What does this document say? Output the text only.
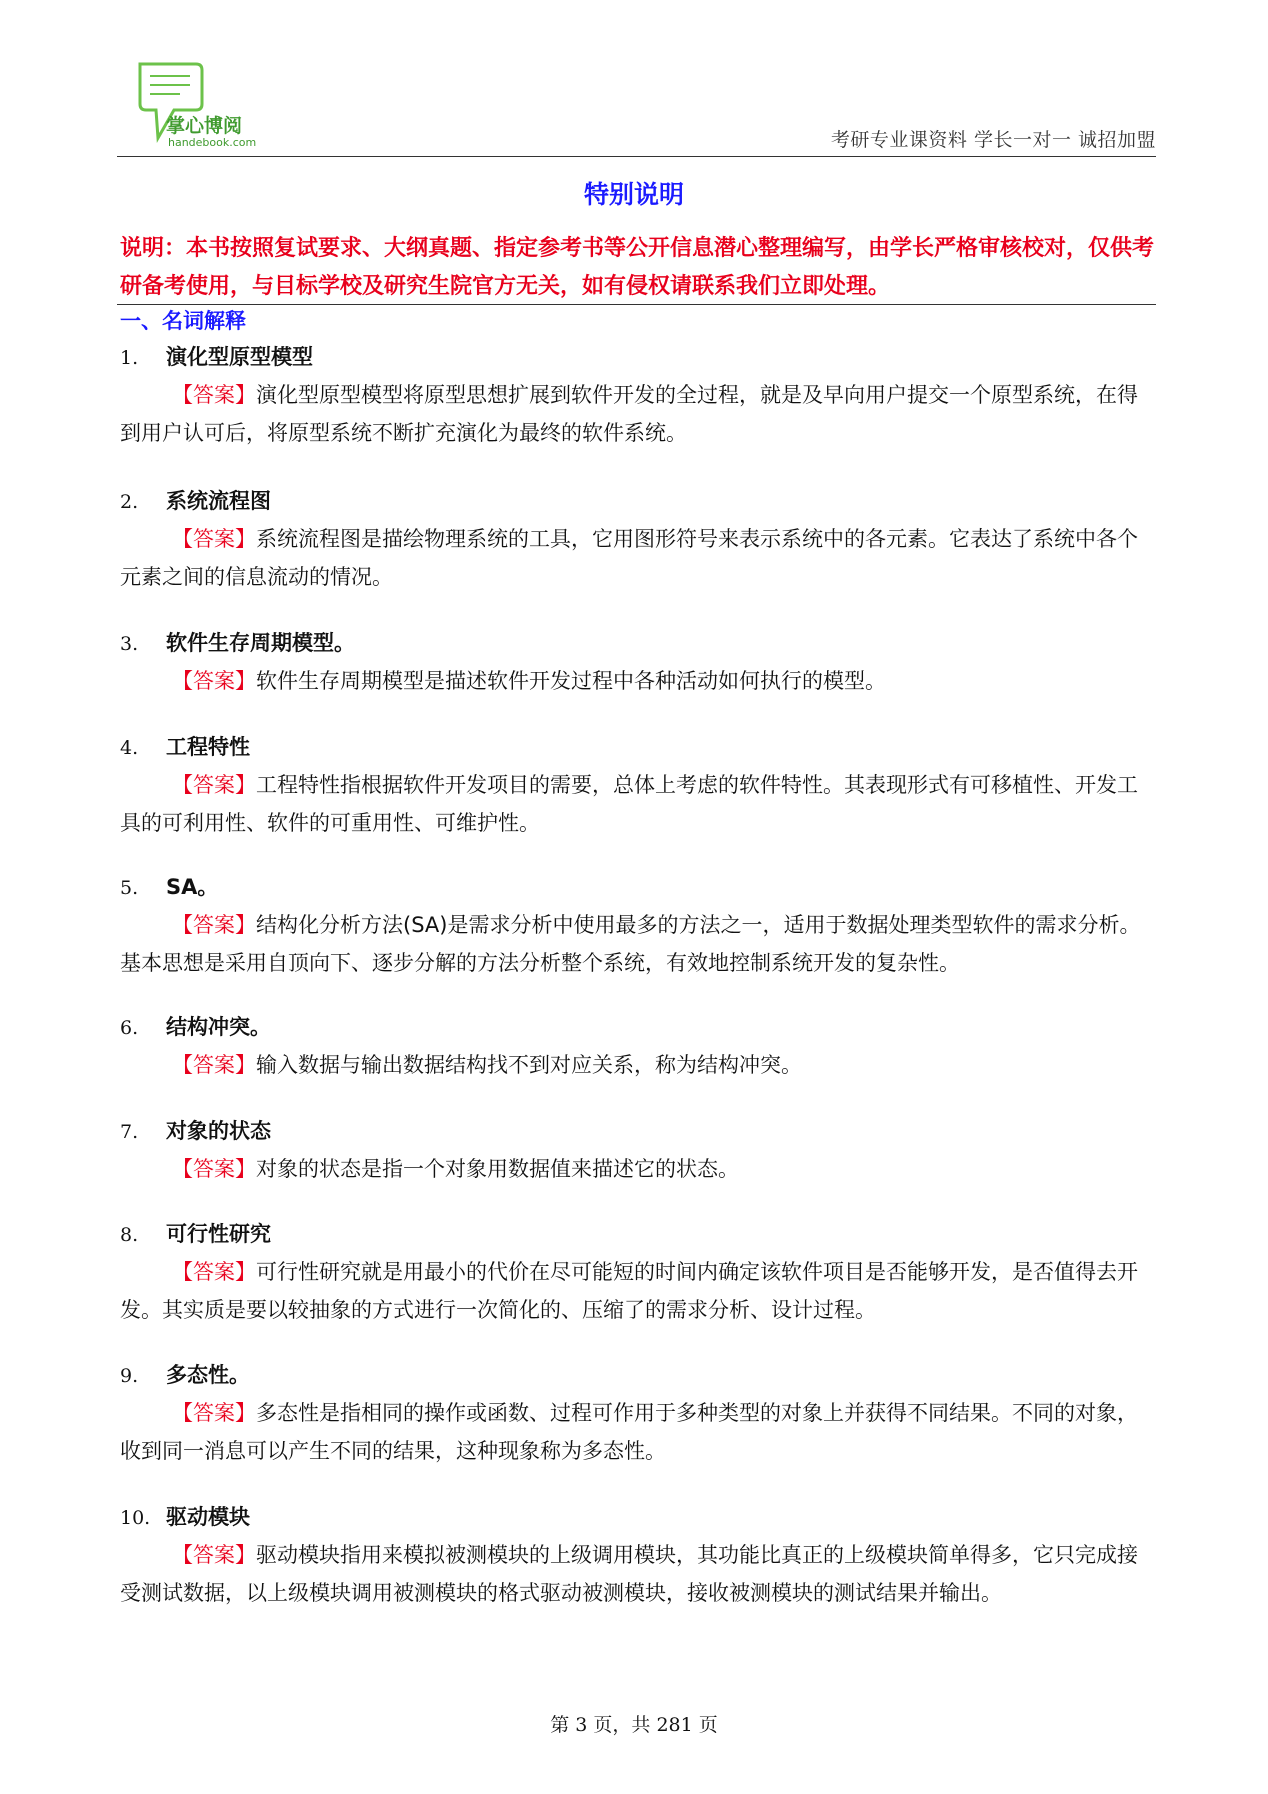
掌心博阅
handebook.com	考研专业课资料 学长一对一 诚招加盟
特别说明
说明：本书按照复试要求、大纲真题、指定参考书等公开信息潜心整理编写，由学长严格审核校对，仅供考研备考使用，与目标学校及研究生院官方无关，如有侵权请联系我们立即处理。
一、名词解释
1. 演化型原型模型
【答案】演化型原型模型将原型思想扩展到软件开发的全过程，就是及早向用户提交一个原型系统，在得到用户认可后，将原型系统不断扩充演化为最终的软件系统。
2. 系统流程图
【答案】系统流程图是描绘物理系统的工具，它用图形符号来表示系统中的各元素。它表达了系统中各个元素之间的信息流动的情况。
3. 软件生存周期模型。
【答案】软件生存周期模型是描述软件开发过程中各种活动如何执行的模型。
4. 工程特性
【答案】工程特性指根据软件开发项目的需要，总体上考虑的软件特性。其表现形式有可移植性、开发工具的可利用性、软件的可重用性、可维护性。
5. SA。
【答案】结构化分析方法(SA)是需求分析中使用最多的方法之一，适用于数据处理类型软件的需求分析。基本思想是采用自顶向下、逐步分解的方法分析整个系统，有效地控制系统开发的复杂性。
6. 结构冲突。
【答案】输入数据与输出数据结构找不到对应关系，称为结构冲突。
7. 对象的状态
【答案】对象的状态是指一个对象用数据值来描述它的状态。
8. 可行性研究
【答案】可行性研究就是用最小的代价在尽可能短的时间内确定该软件项目是否能够开发，是否值得去开发。其实质是要以较抽象的方式进行一次简化的、压缩了的需求分析、设计过程。
9. 多态性。
【答案】多态性是指相同的操作或函数、过程可作用于多种类型的对象上并获得不同结果。不同的对象，收到同一消息可以产生不同的结果，这种现象称为多态性。
10. 驱动模块
【答案】驱动模块指用来模拟被测模块的上级调用模块，其功能比真正的上级模块简单得多，它只完成接受测试数据，以上级模块调用被测模块的格式驱动被测模块，接收被测模块的测试结果并输出。
第 3 页，共 281 页
